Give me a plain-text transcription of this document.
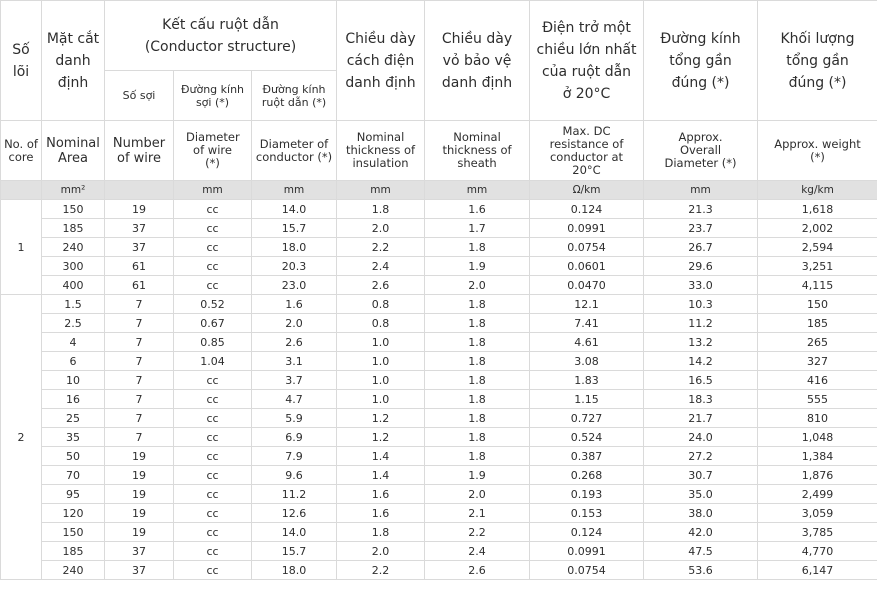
Số lõi	Mặt cắt danh định	Kết cấu ruột dẫn (Conductor structure)			Chiều dày cách điện danh định	Chiều dày vỏ bảo vệ danh định	Điện trở một chiều lớn nhất của ruột dẫn ở 20°C	Đường kính tổng gần đúng (*)	Khối lượng tổng gần đúng (*)
		Số sợi	Đường kính sợi (*)	Đường kính ruột dẫn (*)					
No. of core	Nominal Area	Number of wire	Diameter of wire (*)	Diameter of conductor (*)	Nominal thickness of insulation	Nominal thickness of sheath	Max. DC resistance of conductor at 20°C	Approx. Overall Diameter (*)	Approx. weight (*)
	mm²		mm	mm	mm	mm	Ω/km	mm	kg/km
1	150	19	cc	14.0	1.8	1.6	0.124	21.3	1,618
	185	37	cc	15.7	2.0	1.7	0.0991	23.7	2,002
	240	37	cc	18.0	2.2	1.8	0.0754	26.7	2,594
	300	61	cc	20.3	2.4	1.9	0.0601	29.6	3,251
	400	61	cc	23.0	2.6	2.0	0.0470	33.0	4,115
2	1.5	7	0.52	1.6	0.8	1.8	12.1	10.3	150
	2.5	7	0.67	2.0	0.8	1.8	7.41	11.2	185
	4	7	0.85	2.6	1.0	1.8	4.61	13.2	265
	6	7	1.04	3.1	1.0	1.8	3.08	14.2	327
	10	7	cc	3.7	1.0	1.8	1.83	16.5	416
	16	7	cc	4.7	1.0	1.8	1.15	18.3	555
	25	7	cc	5.9	1.2	1.8	0.727	21.7	810
	35	7	cc	6.9	1.2	1.8	0.524	24.0	1,048
	50	19	cc	7.9	1.4	1.8	0.387	27.2	1,384
	70	19	cc	9.6	1.4	1.9	0.268	30.7	1,876
	95	19	cc	11.2	1.6	2.0	0.193	35.0	2,499
	120	19	cc	12.6	1.6	2.1	0.153	38.0	3,059
	150	19	cc	14.0	1.8	2.2	0.124	42.0	3,785
	185	37	cc	15.7	2.0	2.4	0.0991	47.5	4,770
	240	37	cc	18.0	2.2	2.6	0.0754	53.6	6,147
